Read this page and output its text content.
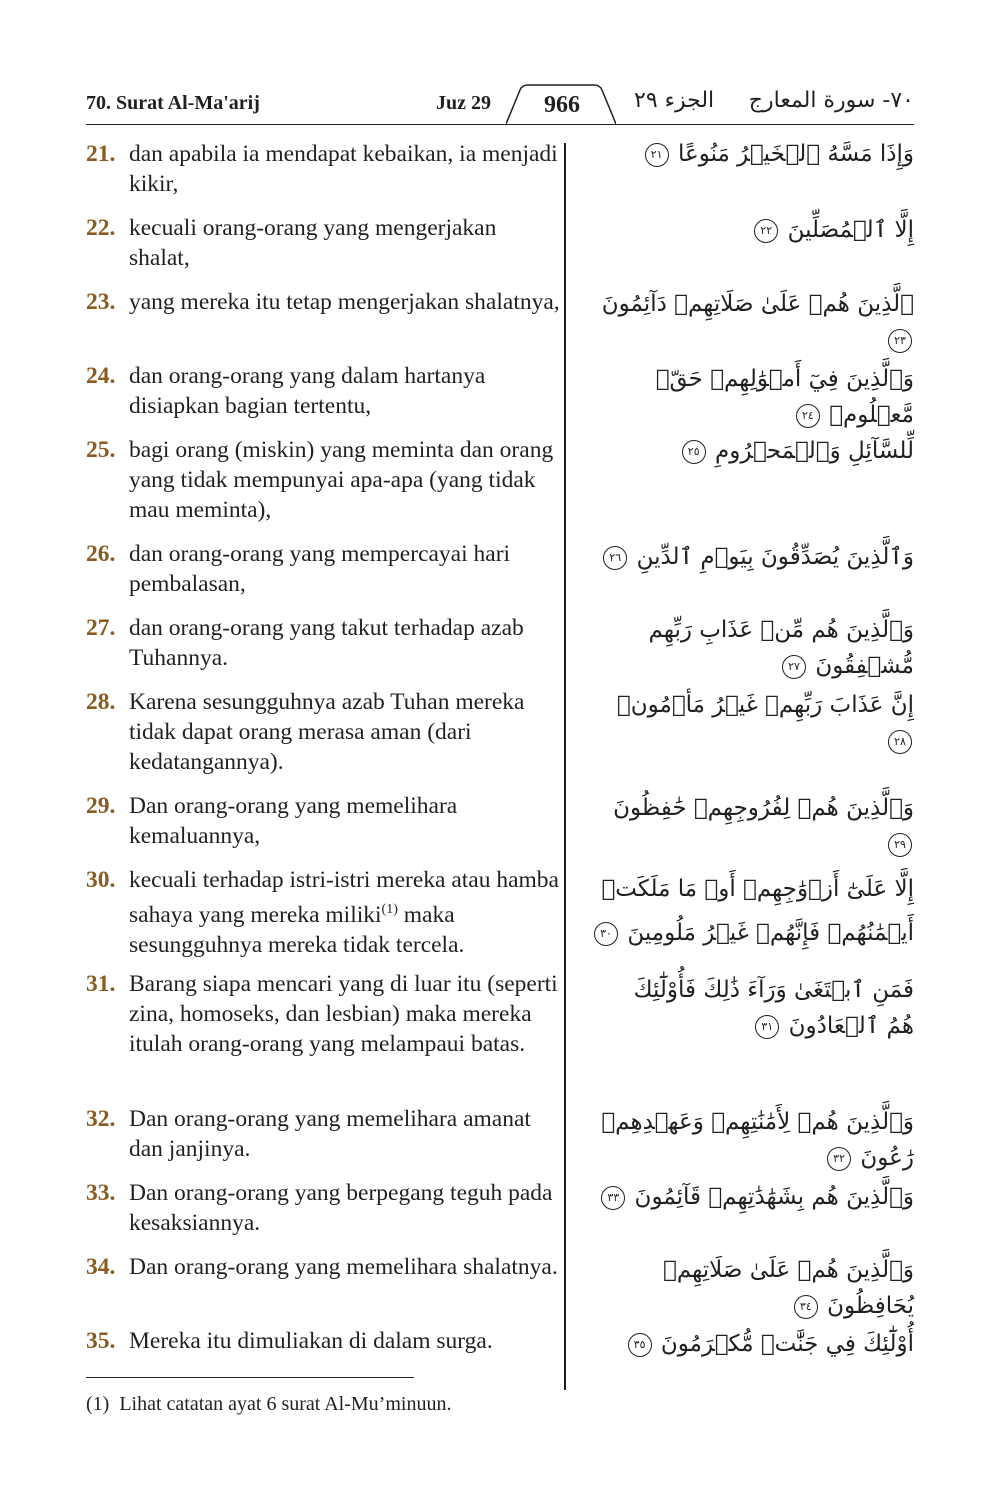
70. Surat Al-Ma'arij	Juz 29	966	الجزء ٢٩ ٧٠- سورة المعارج
21. dan apabila ia mendapat kebaikan, ia menjadi kikir,
وَإِذَا مَسَّهُ ٱلۡخَيۡرُ مَنُوعًا ٢١
22. kecuali orang-orang yang mengerjakan shalat,
إِلَّا ٱلۡمُصَلِّينَ ٢٢
23. yang mereka itu tetap mengerjakan shalatnya,	ٱلَّذِينَ هُمۡ عَلَىٰ صَلَاتِهِمۡ دَآئِمُونَ ٢٣
24. dan orang-orang yang dalam hartanya disiapkan bagian tertentu,
وَٱلَّذِينَ فِيٓ أَمۡوَٰلِهِمۡ حَقّٞ مَّعۡلُومٞ ٢٤
25. bagi orang (miskin) yang meminta dan orang yang tidak mempunyai apa-apa (yang tidak mau meminta),
لِّلسَّآئِلِ وَٱلۡمَحۡرُومِ ٢٥
26. dan orang-orang yang mempercayai hari pembalasan,
وَٱلَّذِينَ يُصَدِّقُونَ بِيَوۡمِ ٱلدِّينِ ٢٦
27. dan orang-orang yang takut terhadap azab Tuhannya.
وَٱلَّذِينَ هُم مِّنۡ عَذَابِ رَبِّهِم مُّشۡفِقُونَ ٢٧
28. Karena sesungguhnya azab Tuhan mereka tidak dapat orang merasa aman (dari kedatangannya).
إِنَّ عَذَابَ رَبِّهِمۡ غَيۡرُ مَأۡمُونٖ ٢٨
29. Dan orang-orang yang memelihara kemaluannya,
وَٱلَّذِينَ هُمۡ لِفُرُوجِهِمۡ حَٰفِظُونَ ٢٩
30. kecuali terhadap istri-istri mereka atau hamba sahaya yang mereka miliki$^{(1)}$ maka sesungguhnya mereka tidak tercela.
إِلَّا عَلَىٰٓ أَزۡوَٰجِهِمۡ أَوۡ مَا مَلَكَتۡ أَيۡمَٰنُهُمۡ فَإِنَّهُمۡ غَيۡرُ مَلُومِينَ ٣٠
31. Barang siapa mencari yang di luar itu (seperti zina, homoseks, dan lesbian) maka mereka itulah orang-orang yang melampaui batas.
فَمَنِ ٱبۡتَغَىٰ وَرَآءَ ذَٰلِكَ فَأُوْلَٰٓئِكَ هُمُ ٱلۡعَادُونَ ٣١
32. Dan orang-orang yang memelihara amanat dan janjinya.
وَٱلَّذِينَ هُمۡ لِأَمَٰنَٰتِهِمۡ وَعَهۡدِهِمۡ رَٰعُونَ ٣٢
33. Dan orang-orang yang berpegang teguh pada kesaksiannya.
وَٱلَّذِينَ هُم بِشَهَٰدَٰتِهِمۡ قَآئِمُونَ ٣٣
34. Dan orang-orang yang memelihara shalatnya.	وَٱلَّذِينَ هُمۡ عَلَىٰ صَلَاتِهِمۡ يُحَافِظُونَ ٣٤
35. Mereka itu dimuliakan di dalam surga.	أُوْلَٰٓئِكَ فِي جَنَّٰتٖ مُّكۡرَمُونَ ٣٥
(1) Lihat catatan ayat 6 surat Al-Mu’minuun.
